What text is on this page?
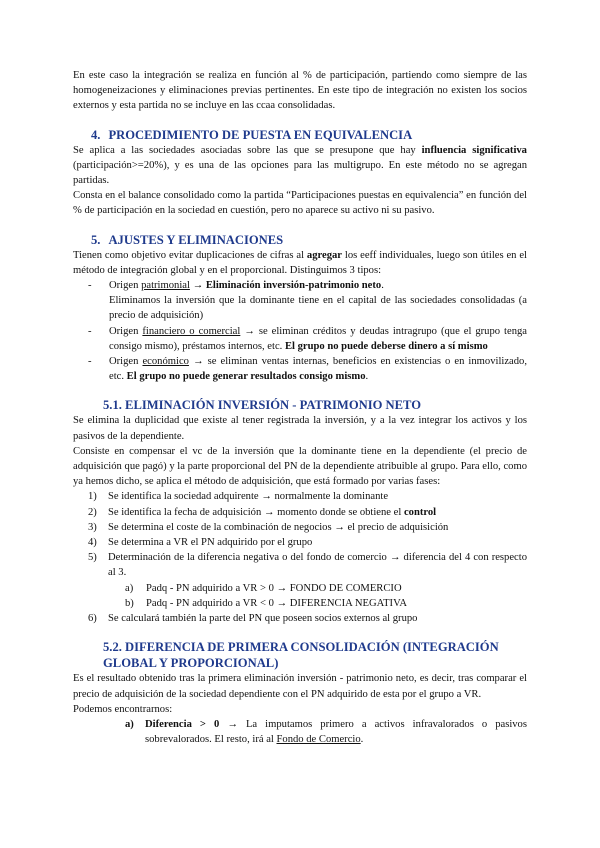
En este caso la integración se realiza en función al % de participación, partiendo como siempre de las homogeneizaciones y eliminaciones previas pertinentes. En este tipo de integración no existen los socios externos y esta partida no se incluye en las ccaa consolidadas.

4. PROCEDIMIENTO DE PUESTA EN EQUIVALENCIA

Se aplica a las sociedades asociadas sobre las que se presupone que hay influencia significativa (participación>=20%), y es una de las opciones para las multigrupo. En este método no se agregan partidas.

Consta en el balance consolidado como la partida “Participaciones puestas en equivalencia” en función del % de participación en la sociedad en cuestión, pero no aparece su activo ni su pasivo.

5. AJUSTES Y ELIMINACIONES

Tienen como objetivo evitar duplicaciones de cifras al agregar los eeff individuales, luego son útiles en el método de integración global y en el proporcional. Distinguimos 3 tipos:

- Origen patrimonial → Eliminación inversión-patrimonio neto.
Eliminamos la inversión que la dominante tiene en el capital de las sociedades consolidadas (a precio de adquisición)
- Origen financiero o comercial → se eliminan créditos y deudas intragrupo (que el grupo tenga consigo mismo), préstamos internos, etc. El grupo no puede deberse dinero a sí mismo
- Origen económico → se eliminan ventas internas, beneficios en existencias o en inmovilizado, etc. El grupo no puede generar resultados consigo mismo.
5.1. ELIMINACIÓN INVERSIÓN - PATRIMONIO NETO

Se elimina la duplicidad que existe al tener registrada la inversión, y a la vez integrar los activos y los pasivos de la dependiente.

Consiste en compensar el vc de la inversión que la dominante tiene en la dependiente (el precio de adquisición que pagó) y la parte proporcional del PN de la dependiente atribuible al grupo. Para ello, como ya hemos dicho, se aplica el método de adquisición, que está formado por varias fases:

1) Se identifica la sociedad adquirente → normalmente la dominante
2) Se identifica la fecha de adquisición → momento donde se obtiene el control
3) Se determina el coste de la combinación de negocios → el precio de adquisición
4) Se determina a VR el PN adquirido por el grupo
5) Determinación de la diferencia negativa o del fondo de comercio → diferencia del 4 con respecto al 3.
a) Padq - PN adquirido a VR > 0 → FONDO DE COMERCIO
b) Padq - PN adquirido a VR < 0 → DIFERENCIA NEGATIVA
6) Se calculará también la parte del PN que poseen socios externos al grupo
5.2. DIFERENCIA DE PRIMERA CONSOLIDACIÓN (INTEGRACIÓN GLOBAL Y PROPORCIONAL)

Es el resultado obtenido tras la primera eliminación inversión - patrimonio neto, es decir, tras comparar el precio de adquisición de la sociedad dependiente con el PN adquirido de esta por el grupo a VR.

Podemos encontrarnos:

a) Diferencia > 0 → La imputamos primero a activos infravalorados o pasivos sobrevalorados. El resto, irá al Fondo de Comercio.
